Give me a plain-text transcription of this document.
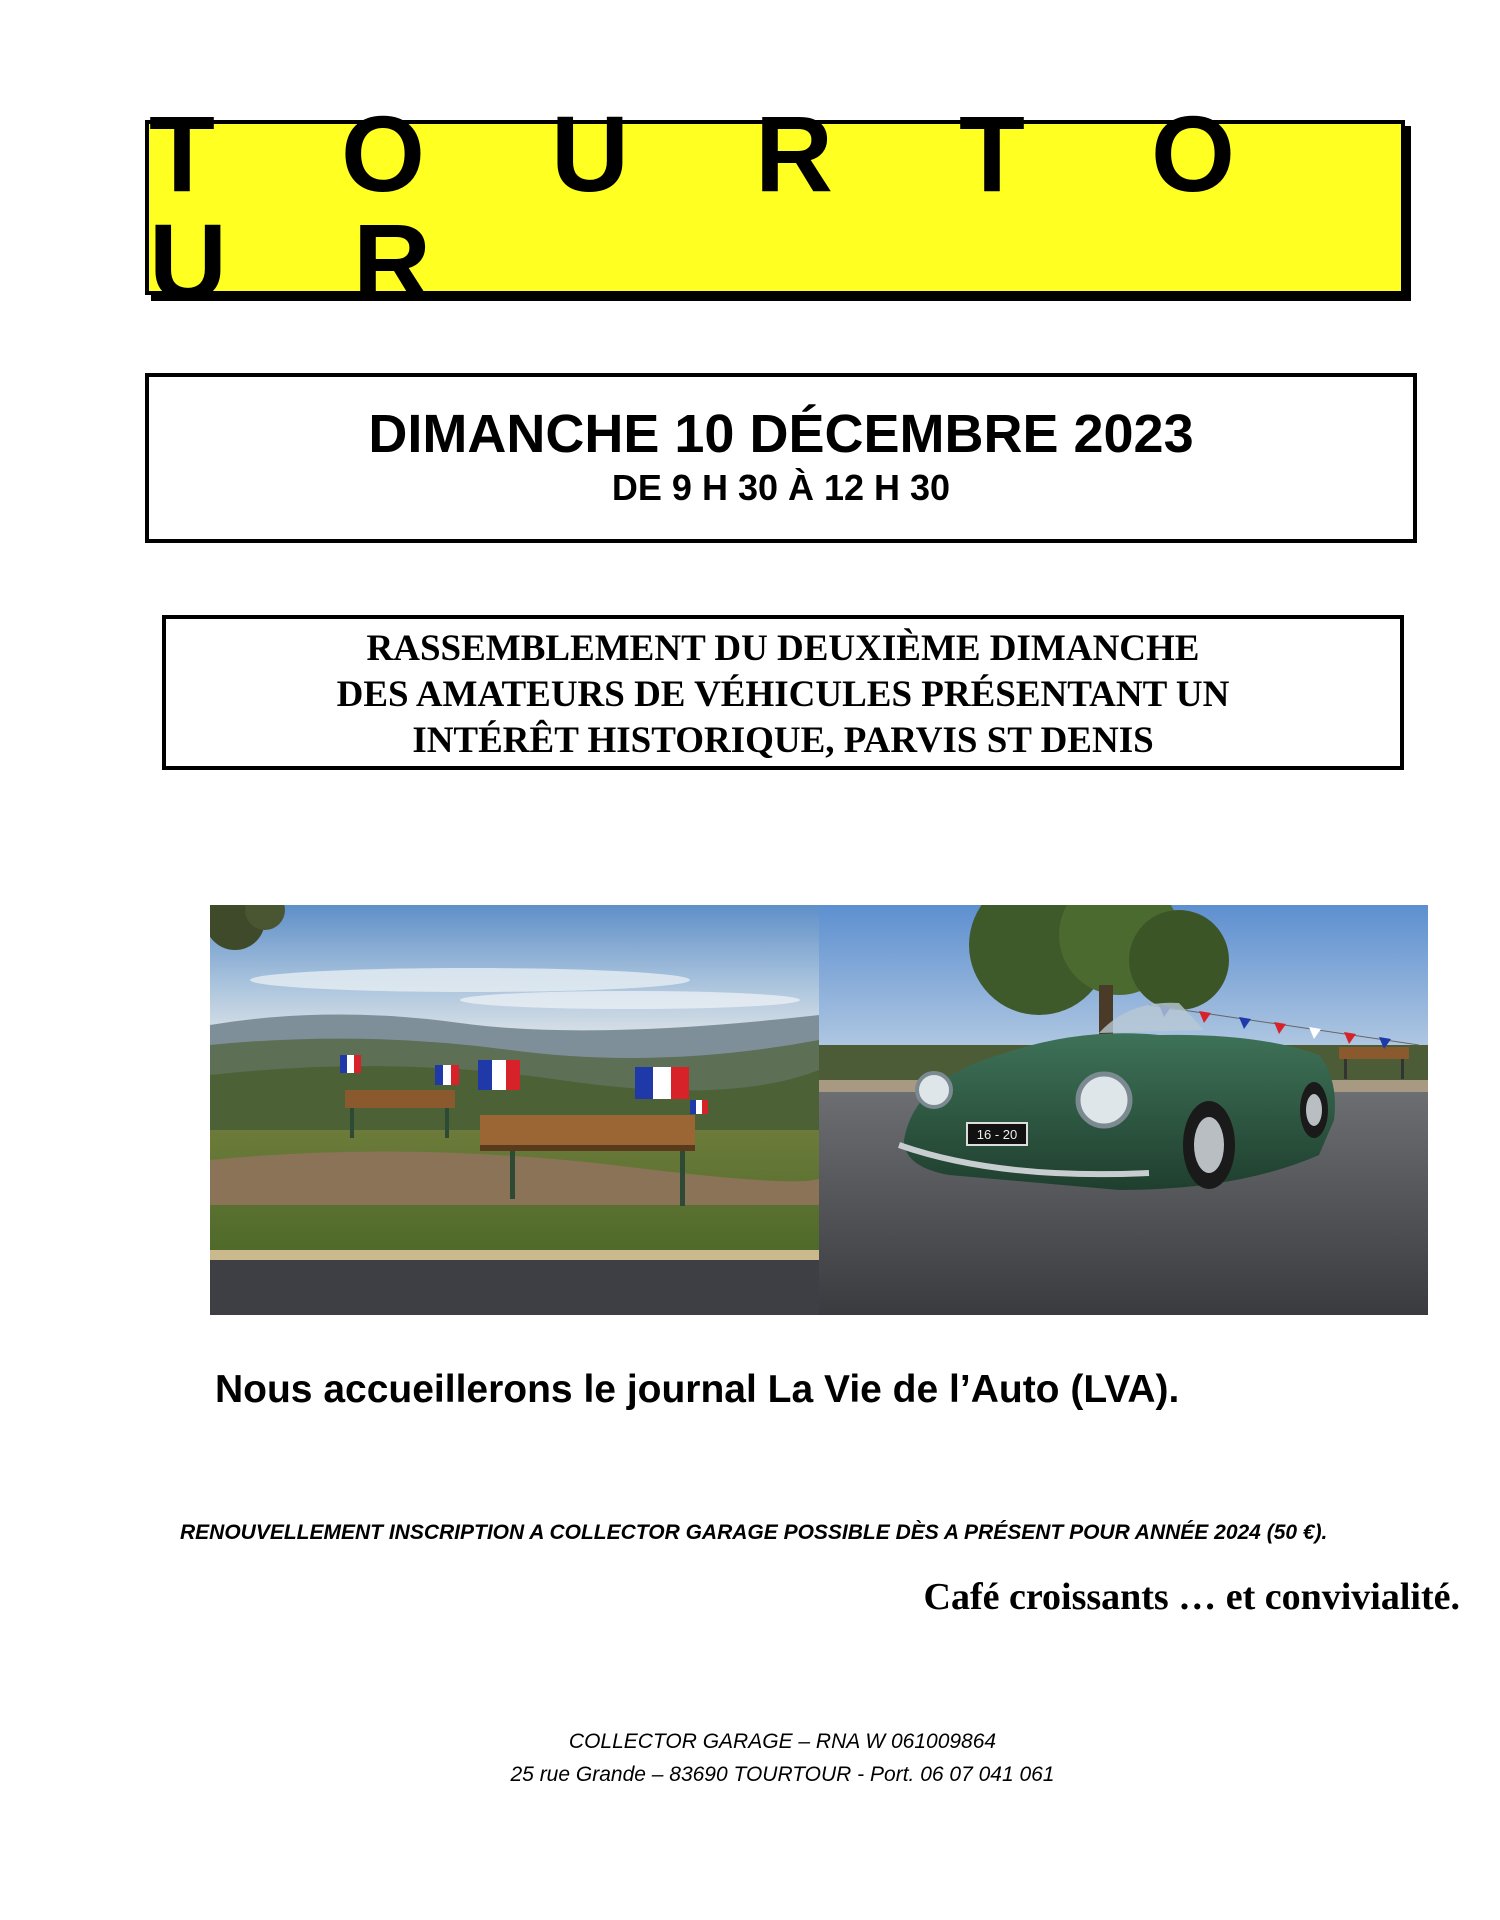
T O U R T O U R
DIMANCHE 10 DÉCEMBRE 2023
DE 9 H 30 À 12 H 30
RASSEMBLEMENT DU DEUXIÈME DIMANCHE
DES AMATEURS DE VÉHICULES PRÉSENTANT UN
INTÉRÊT HISTORIQUE, PARVIS ST DENIS
16 - 20
Nous accueillerons le journal La Vie de l’Auto (LVA).
RENOUVELLEMENT INSCRIPTION A COLLECTOR GARAGE POSSIBLE DÈS A PRÉSENT POUR ANNÉE 2024 (50 €).
Café croissants … et convivialité.
COLLECTOR GARAGE – RNA W 061009864
25 rue Grande – 83690 TOURTOUR - Port. 06 07 041 061
